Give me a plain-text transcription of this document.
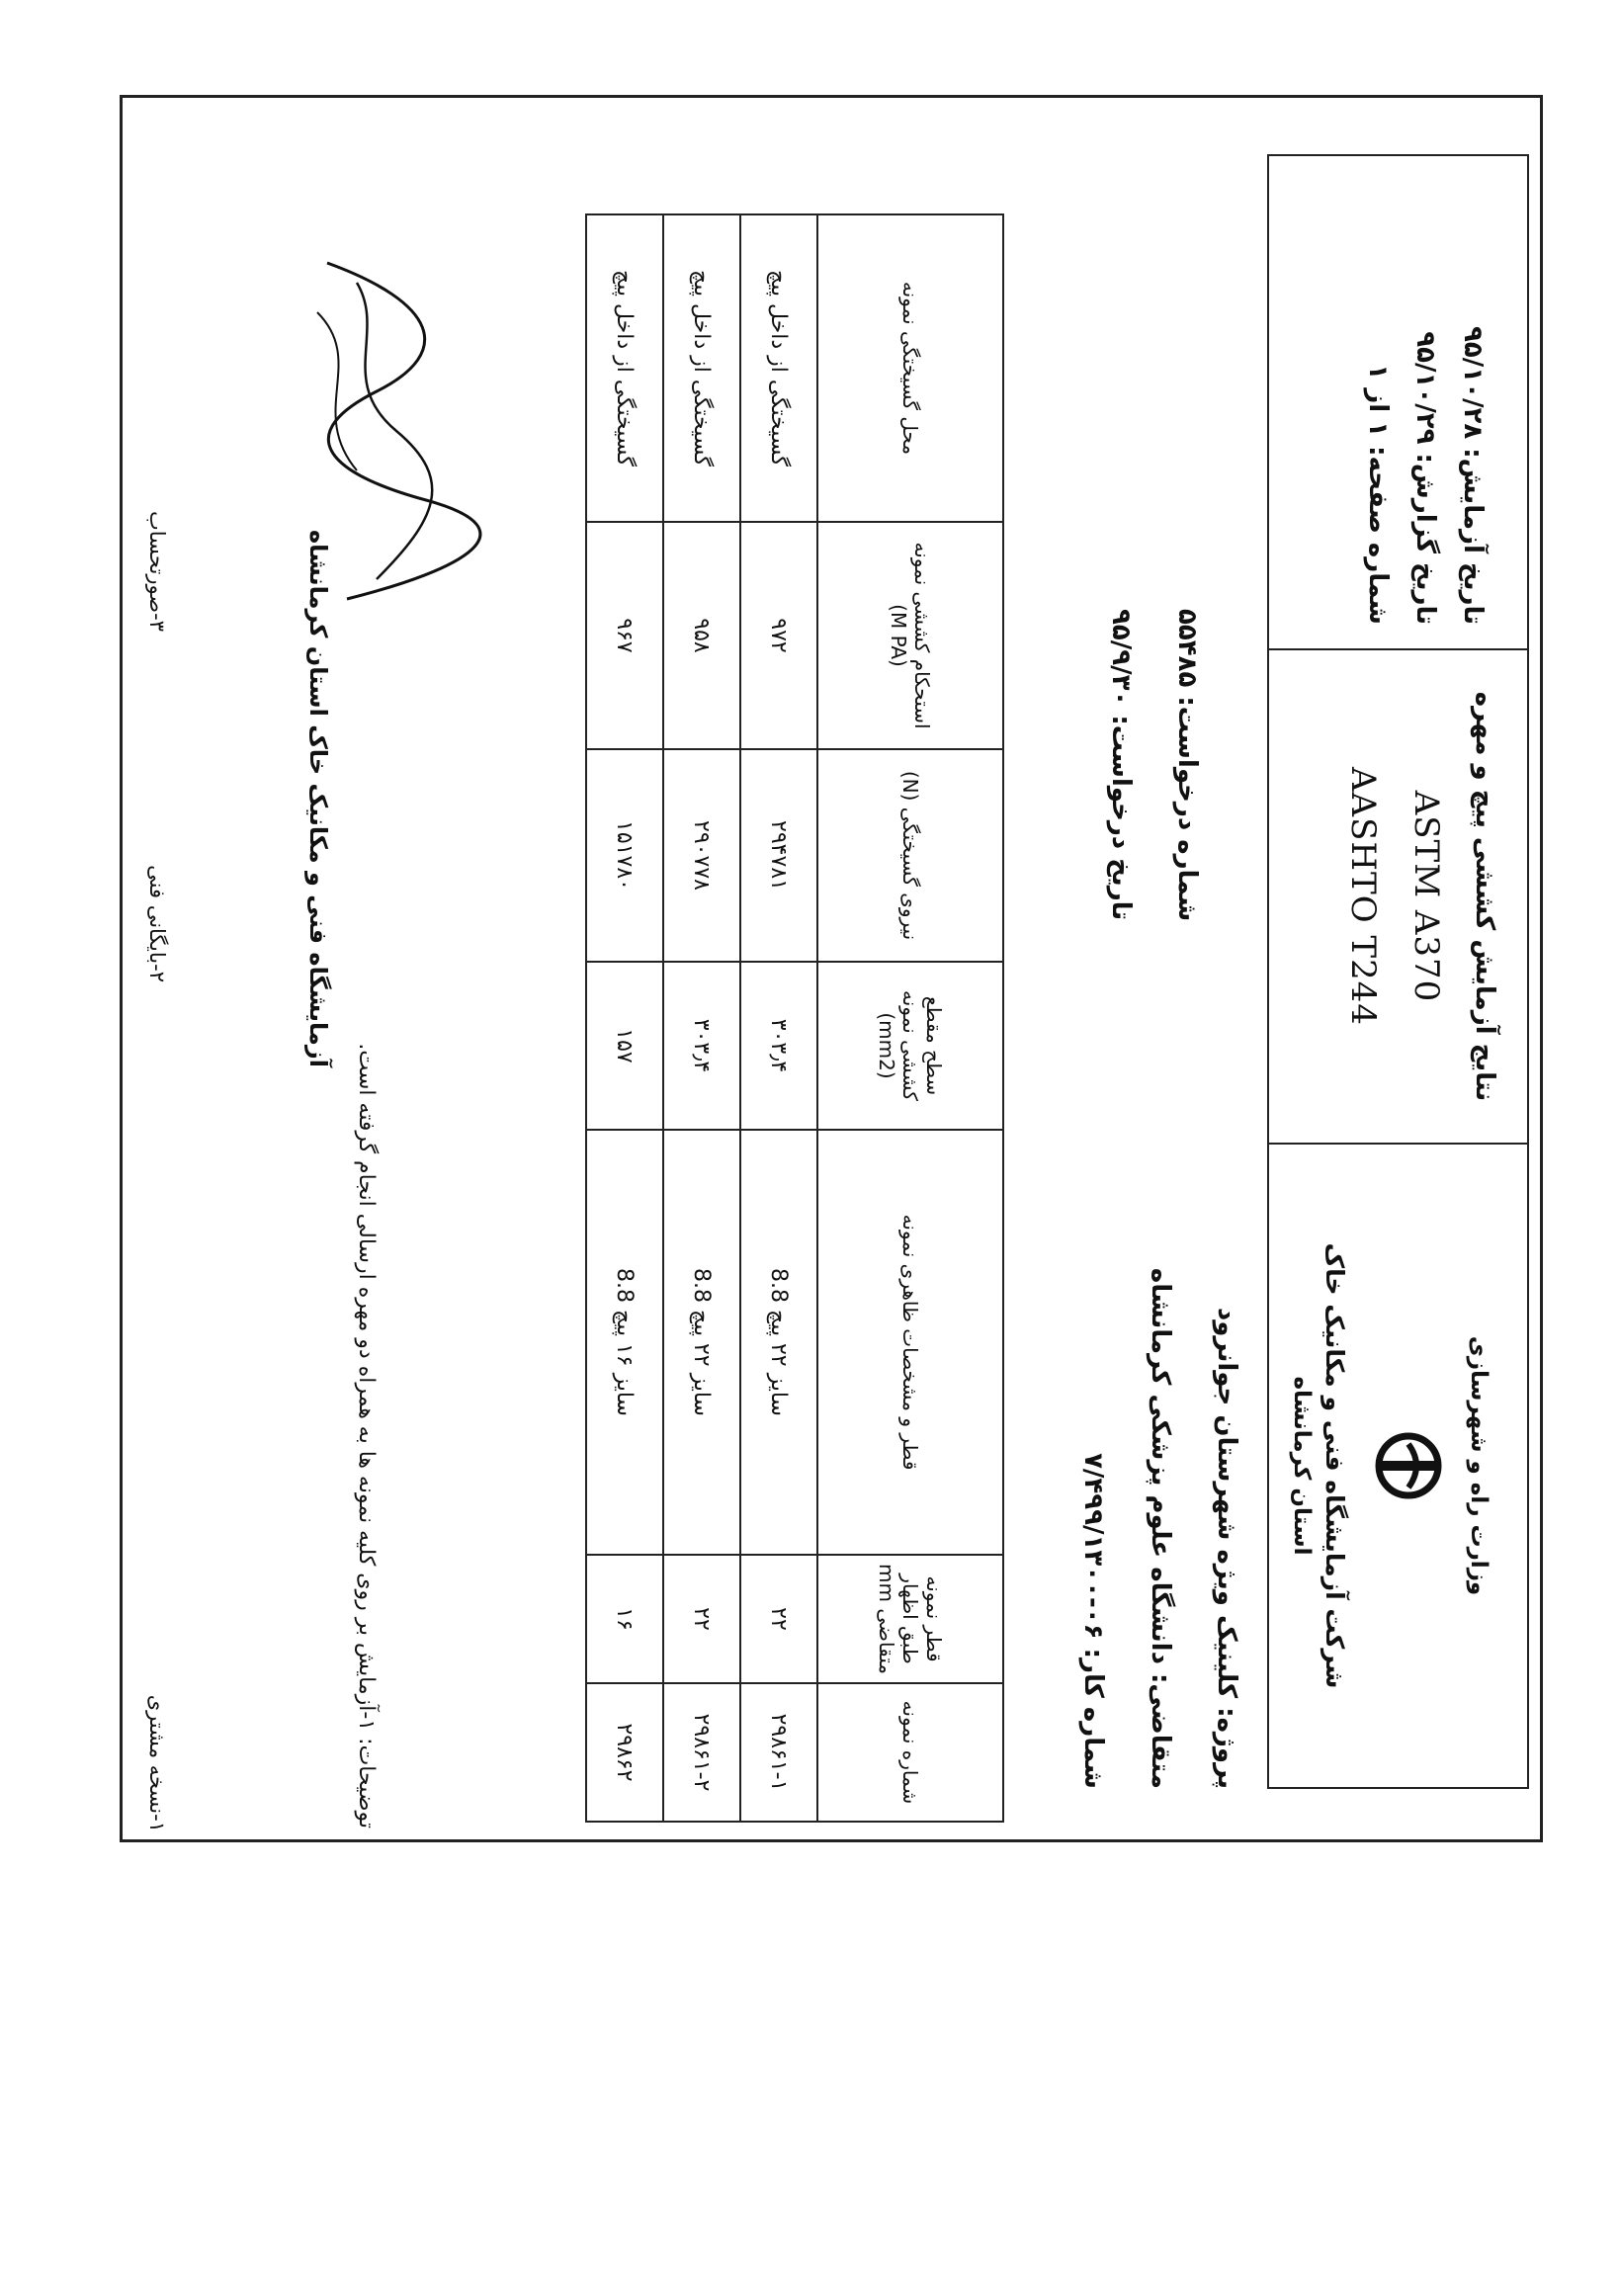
تاریخ آزمایش: ۹۵/۱۰/۲۸
تاریخ گزارش: ۹۵/۱۰/۲۹
شماره صفحه: ۱ از ۱
نتایج آزمایش کششی پیچ و مهره
ASTM A370
AASHTO T244
وزارت راه و شهرسازی
شرکت آزمایشگاه فنی و مکانیک خاک
استان کرمانشاه
پروژه: کلینیک ویژه شهرستان جوانرود
متقاضی: دانشگاه علوم پزشکی کرمانشاه
شماره کار: ۰۶-۷/۴۹۹/۱۳۰۰
شماره درخواست: ۵۵۴۸۵
تاریخ درخواست: ۹۵/۹/۳۰
شماره نمونه	قطر نمونه طبق اظهار متقاضی mm	قطر و مشخصات ظاهری نمونه	سطح مقطع کششی نمونه (mm2)	نیروی گسیختگی (N)	استحکام کششی نمونه (M PA)	محل گسیختگی نمونه
۲۹۸۶۱-۱	۲۲	سایز ۲۲ پیچ 8.8	۳۰۳٫۴	۲۹۴۷۸۱	۹۷۲	گسیختگی از داخل پیچ
۲۹۸۶۱-۲	۲۲	سایز ۲۲ پیچ 8.8	۳۰۳٫۴	۲۹۰۷۷۸	۹۵۸	گسیختگی از داخل پیچ
۲۹۸۶۲	۱۶	سایز ۱۶ پیچ 8.8	۱۵۷	۱۵۱۷۸۰	۹۶۷	گسیختگی از داخل پیچ
توضیحات: ۱-آزمایش بر روی کلیه نمونه ها به همراه دو مهره ارسالی انجام گرفته است.
آزمایشگاه فنی و مکانیک خاک استان کرمانشاه
۱-نسخه مشتری
۲-بایگانی فنی
۳-صورتحساب
